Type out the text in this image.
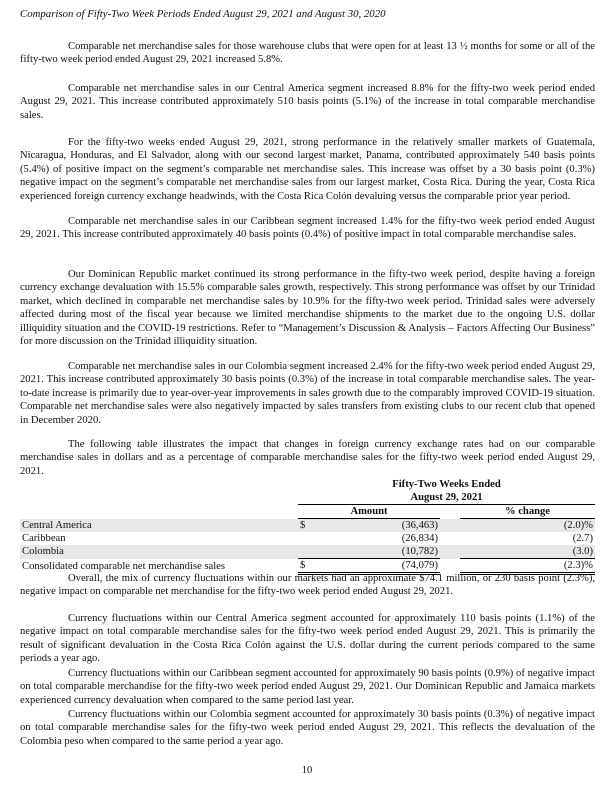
Comparison of Fifty-Two Week Periods Ended August 29, 2021 and August 30, 2020

Comparable net merchandise sales for those warehouse clubs that were open for at least 13 ½ months for some or all of the fifty-two week period ended August 29, 2021 increased 5.8%.

Comparable net merchandise sales in our Central America segment increased 8.8% for the fifty-two week period ended August 29, 2021. This increase contributed approximately 510 basis points (5.1%) of the increase in total comparable merchandise sales.

For the fifty-two weeks ended August 29, 2021, strong performance in the relatively smaller markets of Guatemala, Nicaragua, Honduras, and El Salvador, along with our second largest market, Panama, contributed approximately 540 basis points (5.4%) of positive impact on the segment’s comparable net merchandise sales. This increase was offset by a 30 basis point (0.3%) negative impact on the segment’s comparable net merchandise sales from our largest market, Costa Rica. During the year, Costa Rica experienced foreign currency exchange headwinds, with the Costa Rica Colón devaluing versus the comparable prior year period.

Comparable net merchandise sales in our Caribbean segment increased 1.4% for the fifty-two week period ended August 29, 2021. This increase contributed approximately 40 basis points (0.4%) of positive impact in total comparable merchandise sales.

Our Dominican Republic market continued its strong performance in the fifty-two week period, despite having a foreign currency exchange devaluation with 15.5% comparable sales growth, respectively. This strong performance was offset by our Trinidad market, which declined in comparable net merchandise sales by 10.9% for the fifty-two week period. Trinidad sales were adversely affected during most of the fiscal year because we limited merchandise shipments to the market due to the ongoing U.S. dollar illiquidity situation and the COVID-19 restrictions. Refer to “Management’s Discussion & Analysis – Factors Affecting Our Business” for more discussion on the Trinidad illiquidity situation.

Comparable net merchandise sales in our Colombia segment increased 2.4% for the fifty-two week period ended August 29, 2021. This increase contributed approximately 30 basis points (0.3%) of the increase in total comparable merchandise sales. The year-to-date increase is primarily due to year-over-year improvements in sales growth due to the comparably improved COVID-19 situation. Comparable net merchandise sales were also negatively impacted by sales transfers from existing clubs to our recent club that opened in December 2020.

The following table illustrates the impact that changes in foreign currency exchange rates had on our comparable merchandise sales in dollars and as a percentage of comparable merchandise sales for the fifty-two week period ended August 29, 2021.

	Fifty-Two Weeks Ended			
	August 29, 2021			
	Amount			% change
Central America	$	(36,463)		(2.0)%
Caribbean		(26,834)		(2.7)
Colombia		(10,782)		(3.0)
Consolidated comparable net merchandise sales	$	(74,079)		(2.3)%

Overall, the mix of currency fluctuations within our markets had an approximate $74.1 million, or 230 basis point (2.3%), negative impact on comparable net merchandise for the fifty-two week period ended August 29, 2021.

Currency fluctuations within our Central America segment accounted for approximately 110 basis points (1.1%) of the negative impact on total comparable merchandise sales for the fifty-two week period ended August 29, 2021. This is primarily the result of significant devaluation in the Costa Rica Colón against the U.S. dollar during the current periods compared to the same periods a year ago.

Currency fluctuations within our Caribbean segment accounted for approximately 90 basis points (0.9%) of negative impact on total comparable merchandise for the fifty-two week period ended August 29, 2021. Our Dominican Republic and Jamaica markets experienced currency devaluation when compared to the same period last year.

Currency fluctuations within our Colombia segment accounted for approximately 30 basis points (0.3%) of negative impact on total comparable merchandise sales for the fifty-two week period ended August 29, 2021. This reflects the devaluation of the Colombia peso when compared to the same period a year ago.

10
